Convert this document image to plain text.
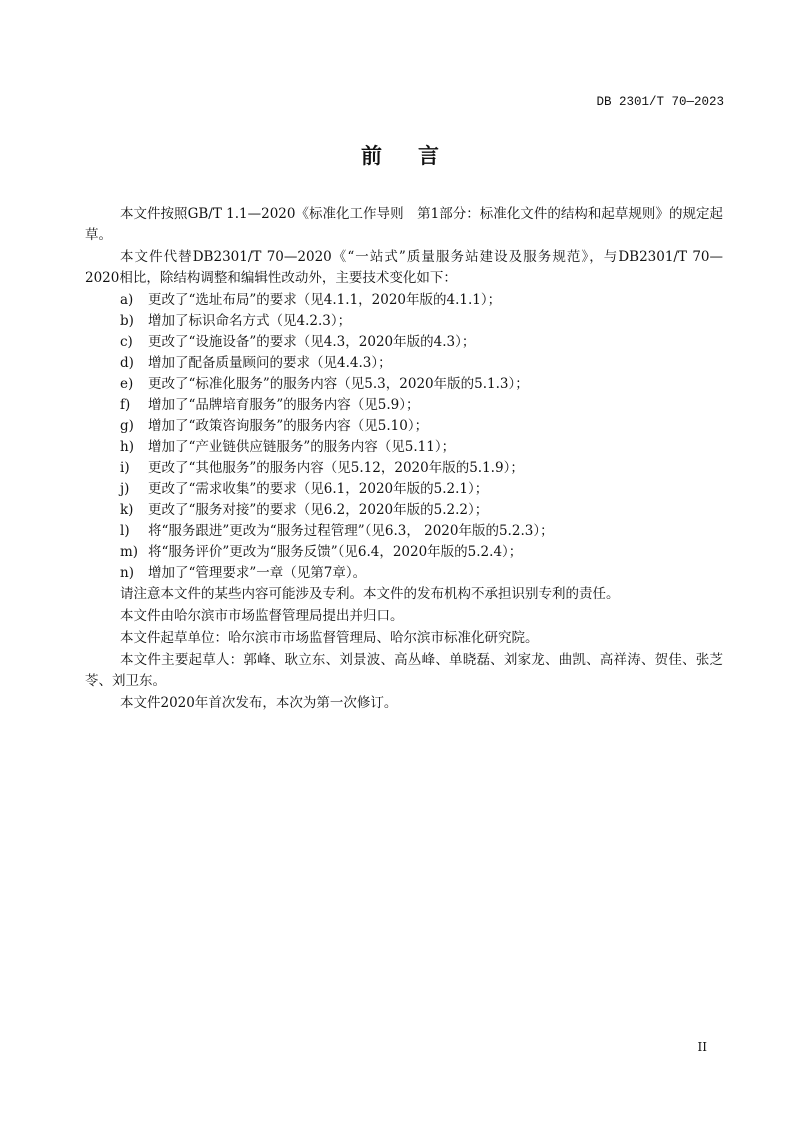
DB 2301/T 70—2023
前言

本文件按照GB/T 1.1—2020《标准化工作导则　第1部分：标准化文件的结构和起草规则》的规定起草。

本文件代替DB2301/T 70—2020《“一站式”质量服务站建设及服务规范》，与DB2301/T 70—2020相比，除结构调整和编辑性改动外，主要技术变化如下：

a)	更改了“选址布局”的要求（见4.1.1，2020年版的4.1.1）；
b)	增加了标识命名方式（见4.2.3）；
c)	更改了“设施设备”的要求（见4.3，2020年版的4.3）；
d)	增加了配备质量顾问的要求（见4.4.3）；
e)	更改了“标准化服务”的服务内容（见5.3，2020年版的5.1.3）；
f)	增加了“品牌培育服务”的服务内容（见5.9）；
g)	增加了“政策咨询服务”的服务内容（见5.10）；
h)	增加了“产业链供应链服务”的服务内容（见5.11）；
i)	更改了“其他服务”的服务内容（见5.12，2020年版的5.1.9）；
j)	更改了“需求收集”的要求（见6.1，2020年版的5.2.1）；
k)	更改了“服务对接”的要求（见6.2，2020年版的5.2.2）；
l)	将“服务跟进”更改为“服务过程管理”（见6.3， 2020年版的5.2.3）；
m) 将“服务评价”更改为“服务反馈”（见6.4，2020年版的5.2.4）；
n)	增加了“管理要求”一章（见第7章）。

请注意本文件的某些内容可能涉及专利。本文件的发布机构不承担识别专利的责任。

本文件由哈尔滨市市场监督管理局提出并归口。

本文件起草单位：哈尔滨市市场监督管理局、哈尔滨市标准化研究院。

本文件主要起草人：郭峰、耿立东、刘景波、高丛峰、单晓磊、刘家龙、曲凯、高祥涛、贺佳、张芝苓、刘卫东。

本文件2020年首次发布，本次为第一次修订。

II
